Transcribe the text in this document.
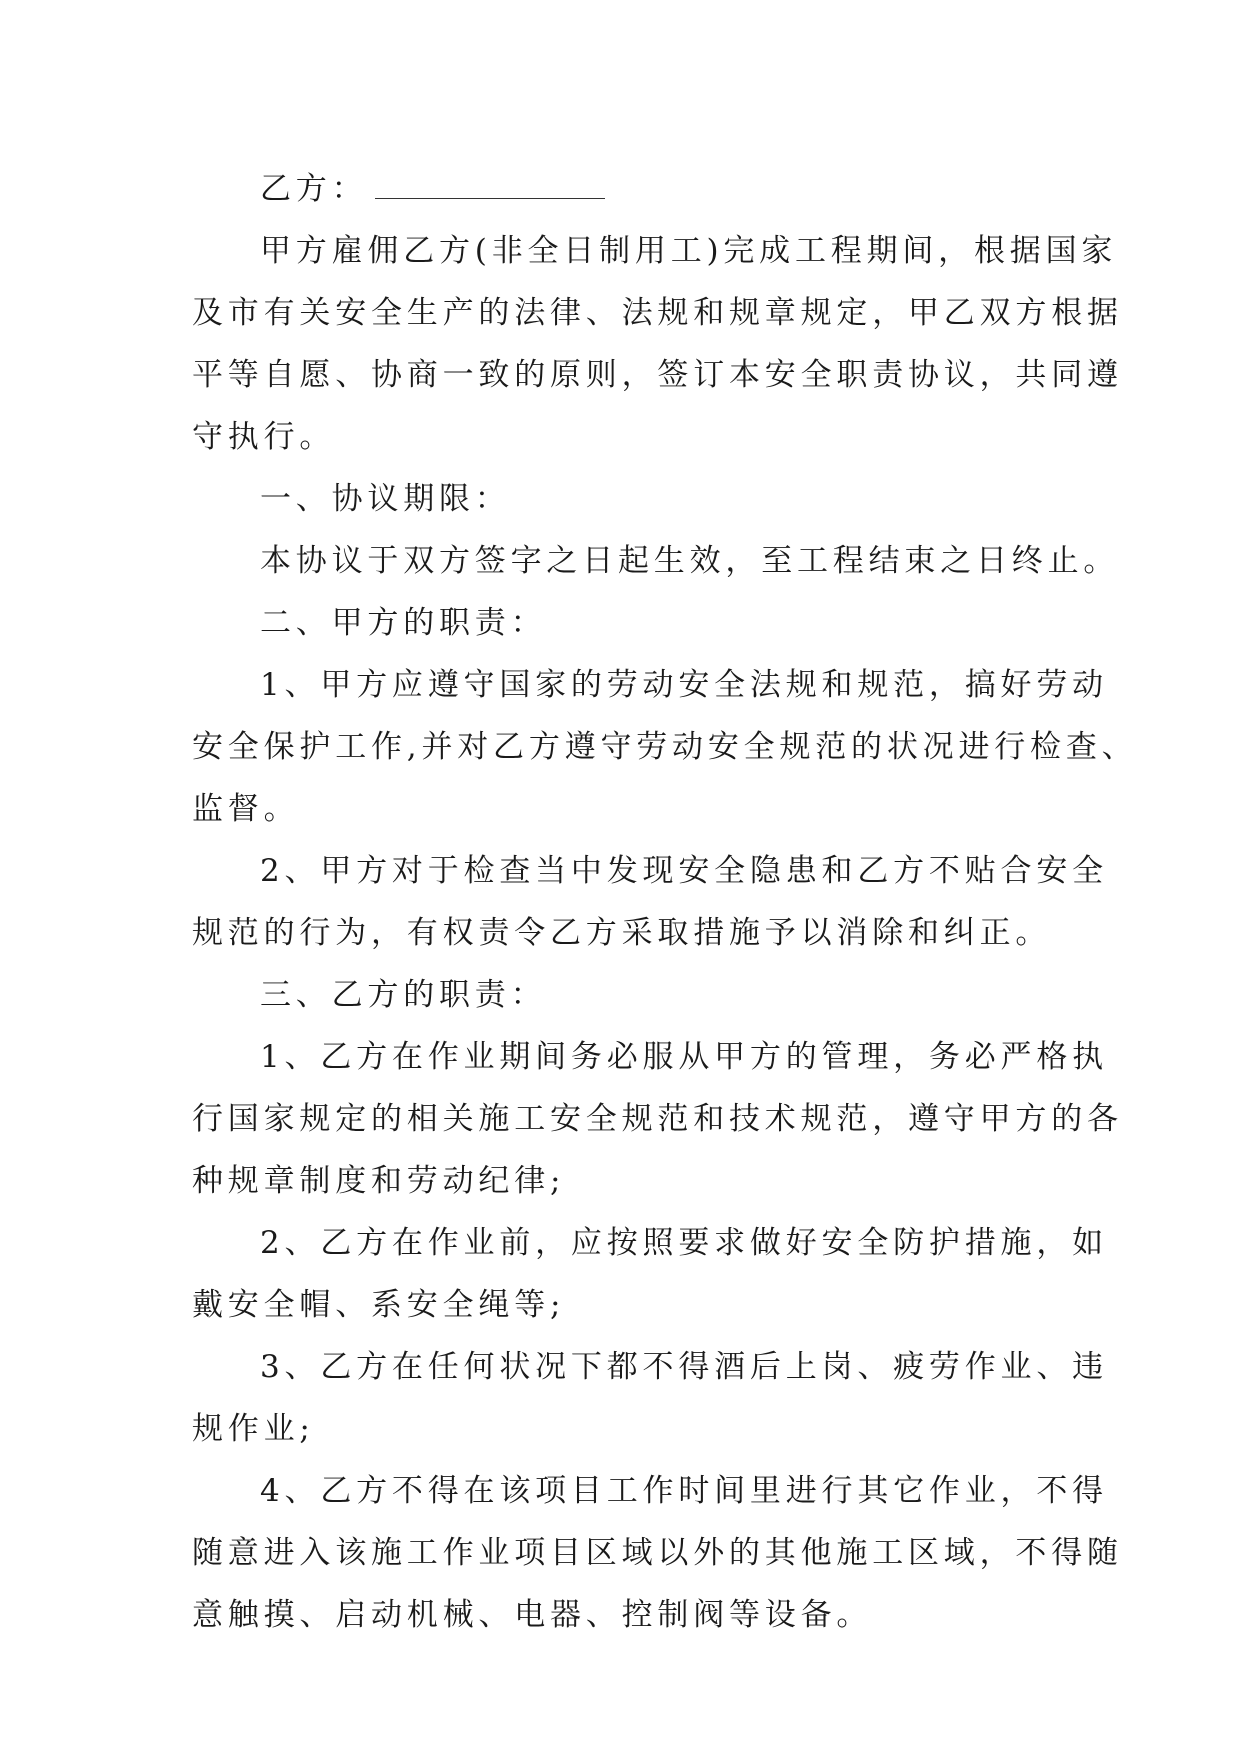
乙方：
甲方雇佣乙方(非全日制用工)完成工程期间，根据国家
及市有关安全生产的法律、法规和规章规定，甲乙双方根据
平等自愿、协商一致的原则，签订本安全职责协议，共同遵
守执行。
一、协议期限：
本协议于双方签字之日起生效，至工程结束之日终止。
二、甲方的职责：
1、甲方应遵守国家的劳动安全法规和规范，搞好劳动
安全保护工作,并对乙方遵守劳动安全规范的状况进行检查、
监督。
2、甲方对于检查当中发现安全隐患和乙方不贴合安全
规范的行为，有权责令乙方采取措施予以消除和纠正。
三、乙方的职责：
1、乙方在作业期间务必服从甲方的管理，务必严格执
行国家规定的相关施工安全规范和技术规范，遵守甲方的各
种规章制度和劳动纪律;
2、乙方在作业前，应按照要求做好安全防护措施，如
戴安全帽、系安全绳等;
3、乙方在任何状况下都不得酒后上岗、疲劳作业、违
规作业;
4、乙方不得在该项目工作时间里进行其它作业，不得
随意进入该施工作业项目区域以外的其他施工区域，不得随
意触摸、启动机械、电器、控制阀等设备。
